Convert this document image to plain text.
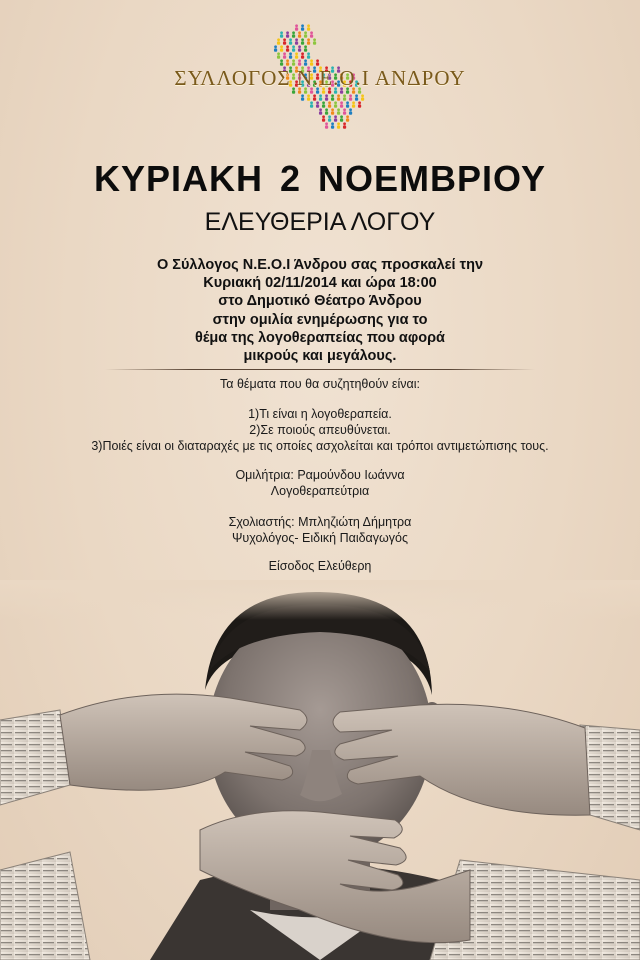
ΣΥΛΛΟΓΟΣ Ν.Ε.Ο.Ι ΑΝΔΡΟΥ
ΚΥΡΙΑΚΗ 2 ΝΟΕΜΒΡΙΟΥ
ΕΛΕΥΘΕΡΙΑ ΛΟΓΟΥ
Ο Σύλλογος Ν.Ε.Ο.Ι Άνδρου σας προσκαλεί την
Κυριακή 02/11/2014 και ώρα 18:00
στο Δημοτικό Θέατρο Άνδρου
στην ομιλία ενημέρωσης για το
θέμα της λογοθεραπείας που αφορά
μικρούς και μεγάλους.
Τα θέματα που θα συζητηθούν είναι:
1)Τι είναι η λογοθεραπεία.
2)Σε ποιούς απευθύνεται.
3)Ποιές είναι οι διαταραχές με τις οποίες ασχολείται και τρόποι αντιμετώπισης τους.
Ομιλήτρια: Ραμούνδου Ιωάννα
Λογοθεραπεύτρια
Σχολιαστής: Μπληζιώτη Δήμητρα
Ψυχολόγος- Ειδική Παιδαγωγός
Είσοδος Ελεύθερη
